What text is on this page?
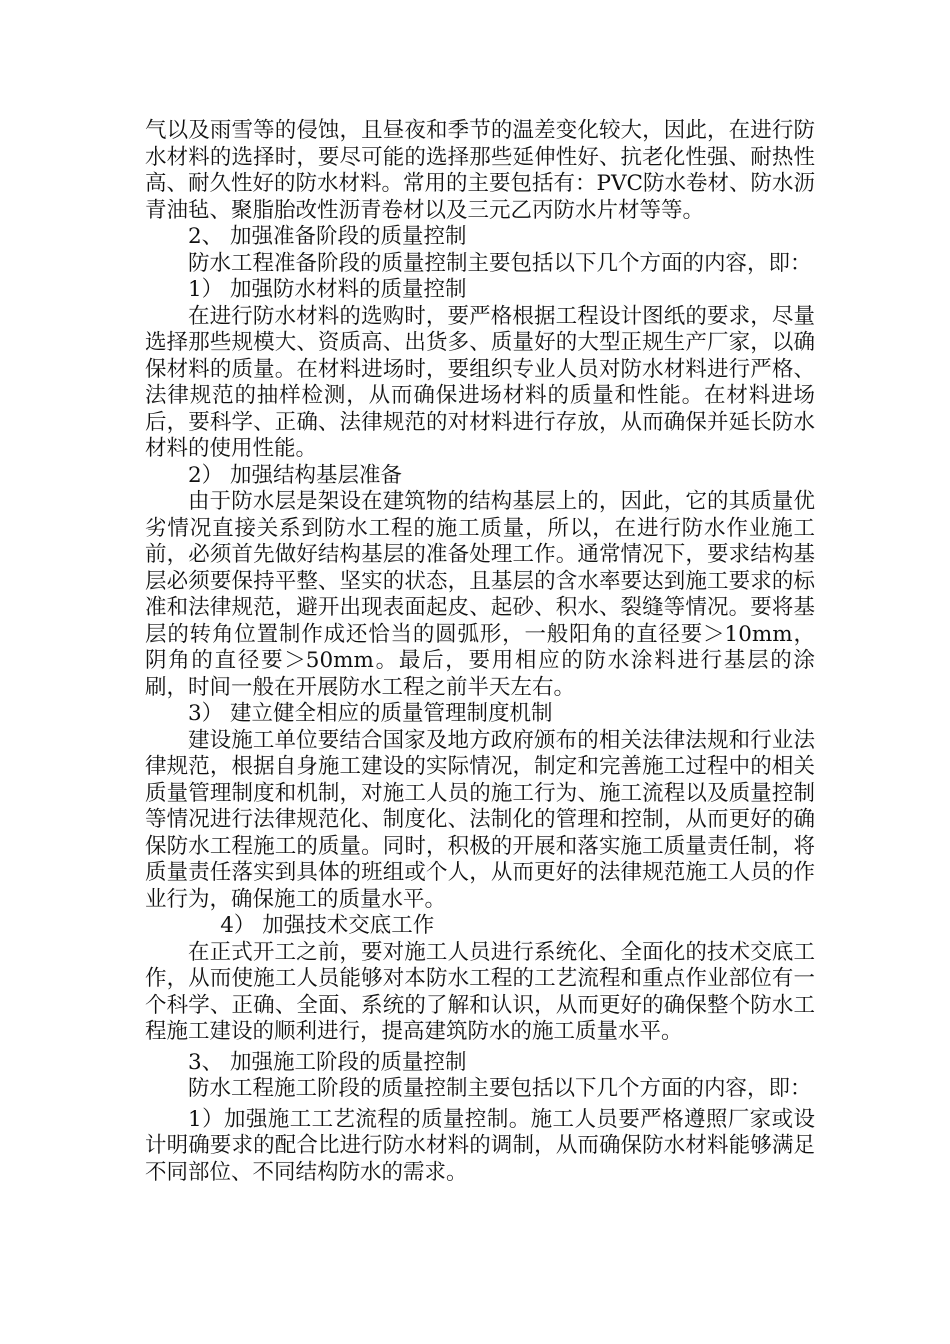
气以及雨雪等的侵蚀，且昼夜和季节的温差变化较大，因此，在进行防水材料的选择时，要尽可能的选择那些延伸性好、抗老化性强、耐热性高、耐久性好的防水材料。常用的主要包括有：PVC防水卷材、防水沥青油毡、聚脂胎改性沥青卷材以及三元乙丙防水片材等等。

2、 加强准备阶段的质量控制

防水工程准备阶段的质量控制主要包括以下几个方面的内容，即：

1） 加强防水材料的质量控制

在进行防水材料的选购时，要严格根据工程设计图纸的要求，尽量选择那些规模大、资质高、出货多、质量好的大型正规生产厂家，以确保材料的质量。在材料进场时，要组织专业人员对防水材料进行严格、法律规范的抽样检测，从而确保进场材料的质量和性能。在材料进场后，要科学、正确、法律规范的对材料进行存放，从而确保并延长防水材料的使用性能。

2） 加强结构基层准备

由于防水层是架设在建筑物的结构基层上的，因此，它的其质量优劣情况直接关系到防水工程的施工质量，所以，在进行防水作业施工前，必须首先做好结构基层的准备处理工作。通常情况下，要求结构基层必须要保持平整、坚实的状态，且基层的含水率要达到施工要求的标准和法律规范，避开出现表面起皮、起砂、积水、裂缝等情况。要将基层的转角位置制作成还恰当的圆弧形，一般阳角的直径要＞10mm，阴角的直径要＞50mm。最后，要用相应的防水涂料进行基层的涂刷，时间一般在开展防水工程之前半天左右。

3） 建立健全相应的质量管理制度机制

建设施工单位要结合国家及地方政府颁布的相关法律法规和行业法律规范，根据自身施工建设的实际情况，制定和完善施工过程中的相关质量管理制度和机制，对施工人员的施工行为、施工流程以及质量控制等情况进行法律规范化、制度化、法制化的管理和控制，从而更好的确保防水工程施工的质量。同时，积极的开展和落实施工质量责任制，将质量责任落实到具体的班组或个人，从而更好的法律规范施工人员的作业行为，确保施工的质量水平。

4） 加强技术交底工作

在正式开工之前，要对施工人员进行系统化、全面化的技术交底工作，从而使施工人员能够对本防水工程的工艺流程和重点作业部位有一个科学、正确、全面、系统的了解和认识，从而更好的确保整个防水工程施工建设的顺利进行，提高建筑防水的施工质量水平。

3、 加强施工阶段的质量控制

防水工程施工阶段的质量控制主要包括以下几个方面的内容，即：

1）加强施工工艺流程的质量控制。施工人员要严格遵照厂家或设计明确要求的配合比进行防水材料的调制，从而确保防水材料能够满足不同部位、不同结构防水的需求。
